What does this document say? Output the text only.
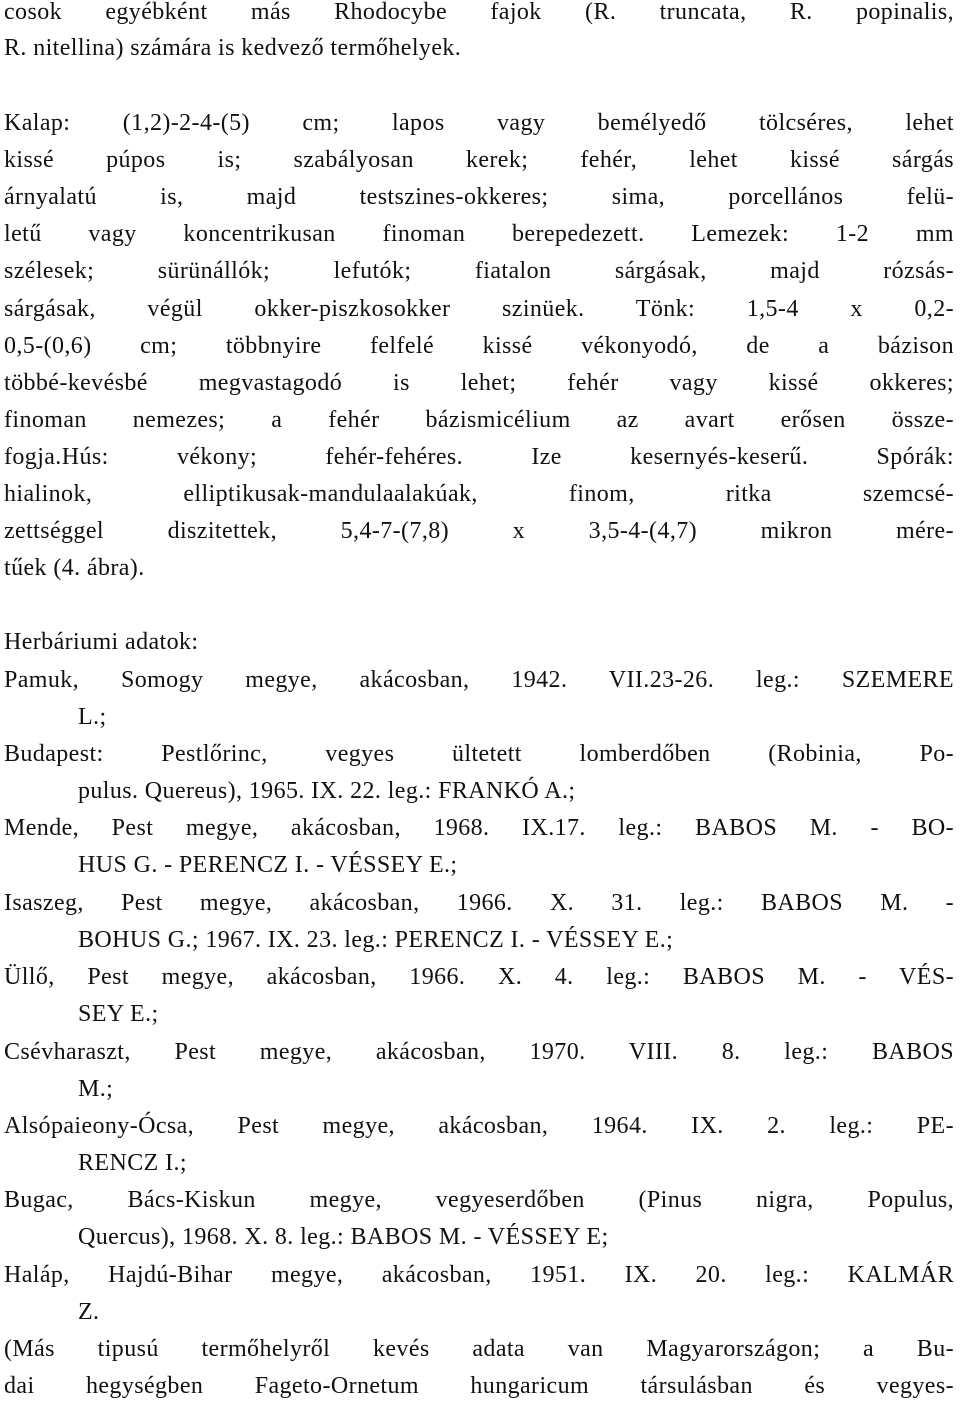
cosok egyébként más Rhodocybe fajok (R. truncata, R. popinalis,
R. nitellina) számára is kedvező termőhelyek.
Kalap: (1,2)-2-4-(5) cm; lapos vagy bemélyedő tölcséres, lehet
kissé púpos is; szabályosan kerek; fehér, lehet kissé sárgás
árnyalatú is, majd testszines-okkeres; sima, porcellános felü-
letű vagy koncentrikusan finoman berepedezett. Lemezek: 1-2 mm
szélesek; sürünállók; lefutók; fiatalon sárgásak, majd rózsás-
sárgásak, végül okker-piszkosokker szinüek. Tönk: 1,5-4 x 0,2-
0,5-(0,6) cm; többnyire felfelé kissé vékonyodó, de a bázison
többé-kevésbé megvastagodó is lehet; fehér vagy kissé okkeres;
finoman nemezes; a fehér bázismicélium az avart erősen össze-
fogja.Hús: vékony; fehér-fehéres. Ize kesernyés-keserű. Spórák:
hialinok, elliptikusak-mandulaalakúak, finom, ritka szemcsé-
zettséggel diszitettek, 5,4-7-(7,8) x 3,5-4-(4,7) mikron mére-
tűek (4. ábra).
Herbáriumi adatok:
Pamuk, Somogy megye, akácosban, 1942. VII.23-26. leg.: SZEMERE
L.;
Budapest: Pestlőrinc, vegyes ültetett lomberdőben (Robinia, Po-
pulus. Quereus), 1965. IX. 22. leg.: FRANKÓ A.;
Mende, Pest megye, akácosban, 1968. IX.17. leg.: BABOS M. - BO-
HUS G. - PERENCZ I. - VÉSSEY E.;
Isaszeg, Pest megye, akácosban, 1966. X. 31. leg.: BABOS M. -
BOHUS G.; 1967. IX. 23. leg.: PERENCZ I. - VÉSSEY E.;
Üllő, Pest megye, akácosban, 1966. X. 4. leg.: BABOS M. - VÉS-
SEY E.;
Csévharaszt, Pest megye, akácosban, 1970. VIII. 8. leg.: BABOS
M.;
Alsópaieony-Ócsa, Pest megye, akácosban, 1964. IX. 2. leg.: PE-
RENCZ I.;
Bugac, Bács-Kiskun megye, vegyeserdőben (Pinus nigra, Populus,
Quercus), 1968. X. 8. leg.: BABOS M. - VÉSSEY E;
Haláp, Hajdú-Bihar megye, akácosban, 1951. IX. 20. leg.: KALMÁR
Z.
(Más tipusú termőhelyről kevés adata van Magyarországon; a Bu-
dai hegységben Fageto-Ornetum hungaricum társulásban és vegyes-
